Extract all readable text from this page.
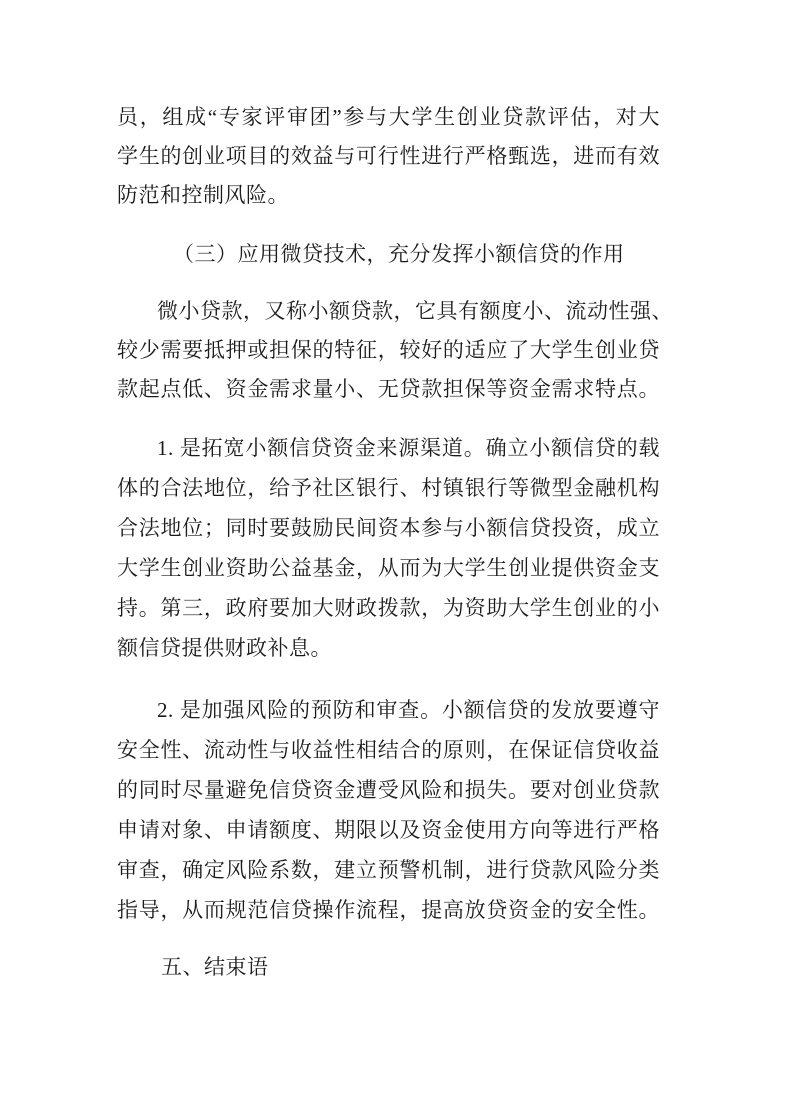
员，组成“专家评审团”参与大学生创业贷款评估，对大
学生的创业项目的效益与可行性进行严格甄选，进而有效
防范和控制风险。
（三）应用微贷技术，充分发挥小额信贷的作用
微小贷款，又称小额贷款，它具有额度小、流动性强、
较少需要抵押或担保的特征，较好的适应了大学生创业贷
款起点低、资金需求量小、无贷款担保等资金需求特点。
1. 是拓宽小额信贷资金来源渠道。确立小额信贷的载
体的合法地位，给予社区银行、村镇银行等微型金融机构
合法地位；同时要鼓励民间资本参与小额信贷投资，成立
大学生创业资助公益基金，从而为大学生创业提供资金支
持。第三，政府要加大财政拨款，为资助大学生创业的小
额信贷提供财政补息。
2. 是加强风险的预防和审查。小额信贷的发放要遵守
安全性、流动性与收益性相结合的原则，在保证信贷收益
的同时尽量避免信贷资金遭受风险和损失。要对创业贷款
申请对象、申请额度、期限以及资金使用方向等进行严格
审查，确定风险系数，建立预警机制，进行贷款风险分类
指导，从而规范信贷操作流程，提高放贷资金的安全性。
五、结束语
